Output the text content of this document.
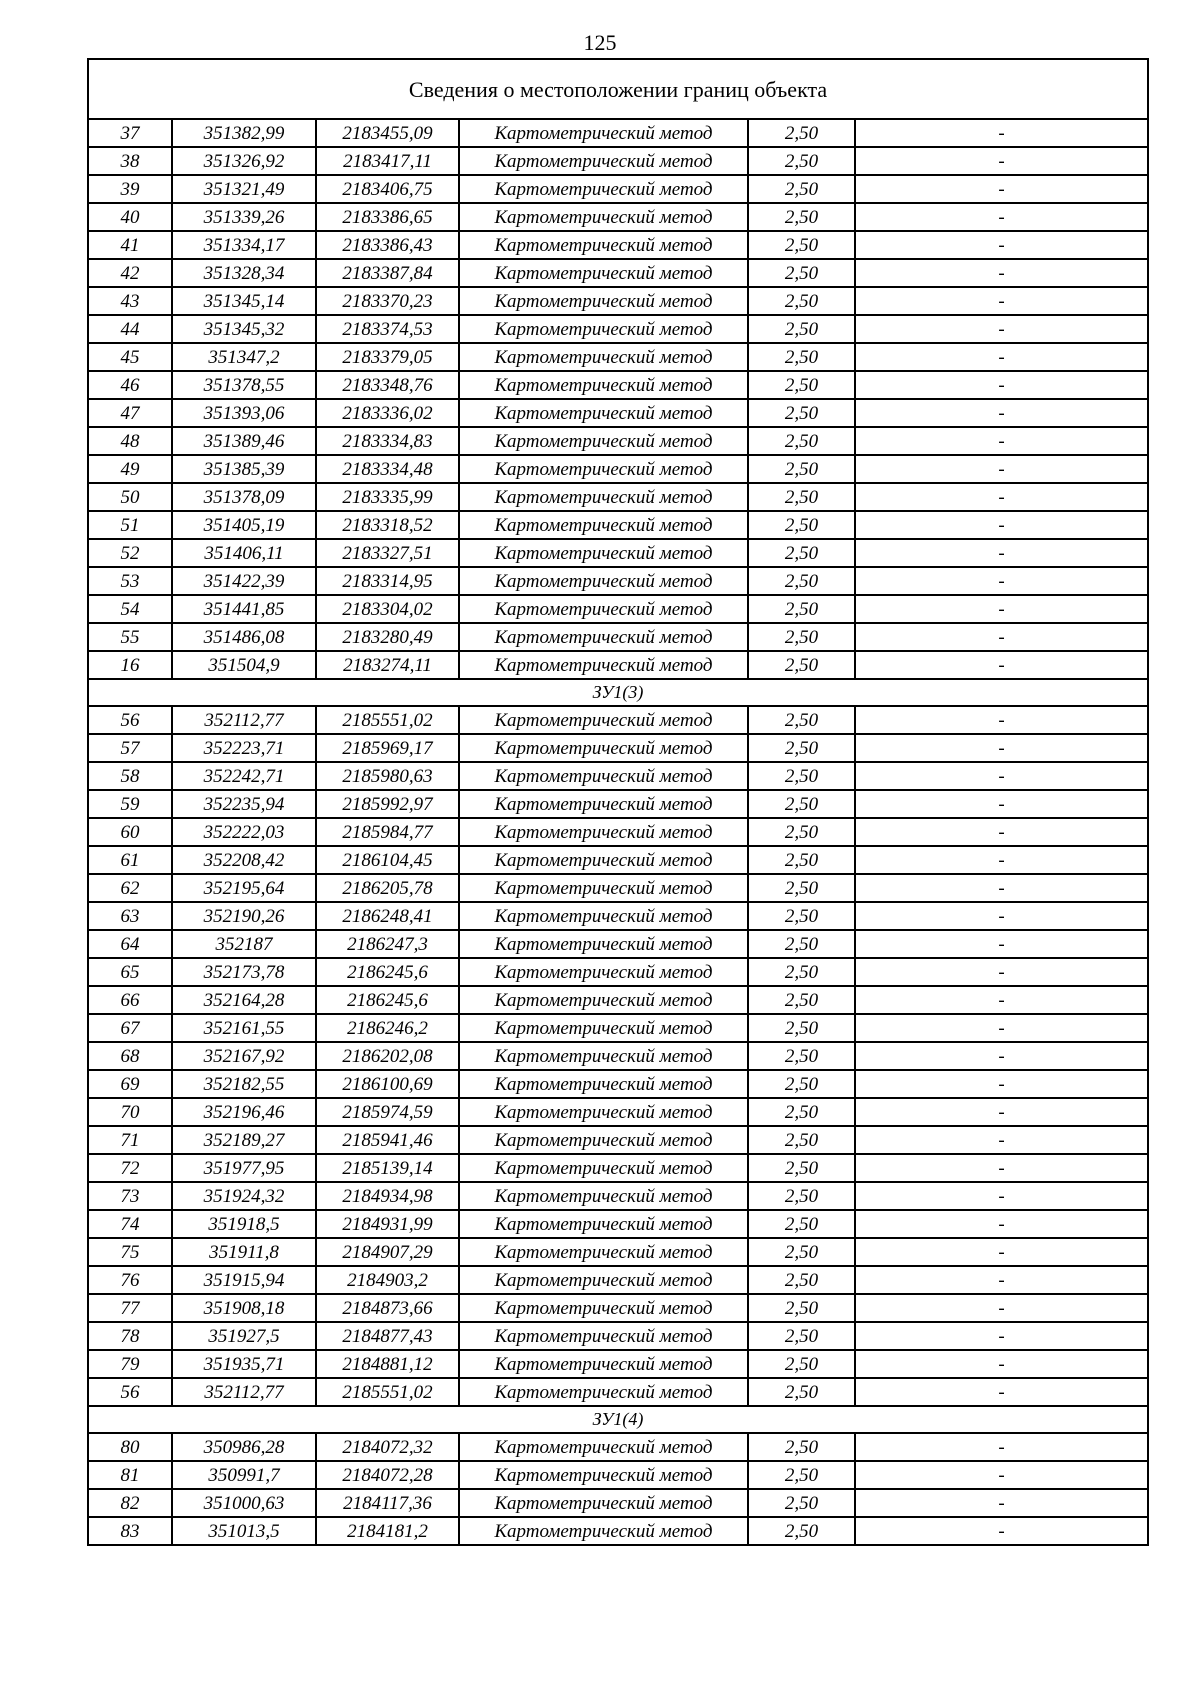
125
Сведения о местоположении границ объекта					
37	351382,99	2183455,09	Картометрический метод	2,50	-
38	351326,92	2183417,11	Картометрический метод	2,50	-
39	351321,49	2183406,75	Картометрический метод	2,50	-
40	351339,26	2183386,65	Картометрический метод	2,50	-
41	351334,17	2183386,43	Картометрический метод	2,50	-
42	351328,34	2183387,84	Картометрический метод	2,50	-
43	351345,14	2183370,23	Картометрический метод	2,50	-
44	351345,32	2183374,53	Картометрический метод	2,50	-
45	351347,2	2183379,05	Картометрический метод	2,50	-
46	351378,55	2183348,76	Картометрический метод	2,50	-
47	351393,06	2183336,02	Картометрический метод	2,50	-
48	351389,46	2183334,83	Картометрический метод	2,50	-
49	351385,39	2183334,48	Картометрический метод	2,50	-
50	351378,09	2183335,99	Картометрический метод	2,50	-
51	351405,19	2183318,52	Картометрический метод	2,50	-
52	351406,11	2183327,51	Картометрический метод	2,50	-
53	351422,39	2183314,95	Картометрический метод	2,50	-
54	351441,85	2183304,02	Картометрический метод	2,50	-
55	351486,08	2183280,49	Картометрический метод	2,50	-
16	351504,9	2183274,11	Картометрический метод	2,50	-
ЗУ1(3)					
56	352112,77	2185551,02	Картометрический метод	2,50	-
57	352223,71	2185969,17	Картометрический метод	2,50	-
58	352242,71	2185980,63	Картометрический метод	2,50	-
59	352235,94	2185992,97	Картометрический метод	2,50	-
60	352222,03	2185984,77	Картометрический метод	2,50	-
61	352208,42	2186104,45	Картометрический метод	2,50	-
62	352195,64	2186205,78	Картометрический метод	2,50	-
63	352190,26	2186248,41	Картометрический метод	2,50	-
64	352187	2186247,3	Картометрический метод	2,50	-
65	352173,78	2186245,6	Картометрический метод	2,50	-
66	352164,28	2186245,6	Картометрический метод	2,50	-
67	352161,55	2186246,2	Картометрический метод	2,50	-
68	352167,92	2186202,08	Картометрический метод	2,50	-
69	352182,55	2186100,69	Картометрический метод	2,50	-
70	352196,46	2185974,59	Картометрический метод	2,50	-
71	352189,27	2185941,46	Картометрический метод	2,50	-
72	351977,95	2185139,14	Картометрический метод	2,50	-
73	351924,32	2184934,98	Картометрический метод	2,50	-
74	351918,5	2184931,99	Картометрический метод	2,50	-
75	351911,8	2184907,29	Картометрический метод	2,50	-
76	351915,94	2184903,2	Картометрический метод	2,50	-
77	351908,18	2184873,66	Картометрический метод	2,50	-
78	351927,5	2184877,43	Картометрический метод	2,50	-
79	351935,71	2184881,12	Картометрический метод	2,50	-
56	352112,77	2185551,02	Картометрический метод	2,50	-
ЗУ1(4)					
80	350986,28	2184072,32	Картометрический метод	2,50	-
81	350991,7	2184072,28	Картометрический метод	2,50	-
82	351000,63	2184117,36	Картометрический метод	2,50	-
83	351013,5	2184181,2	Картометрический метод	2,50	-
